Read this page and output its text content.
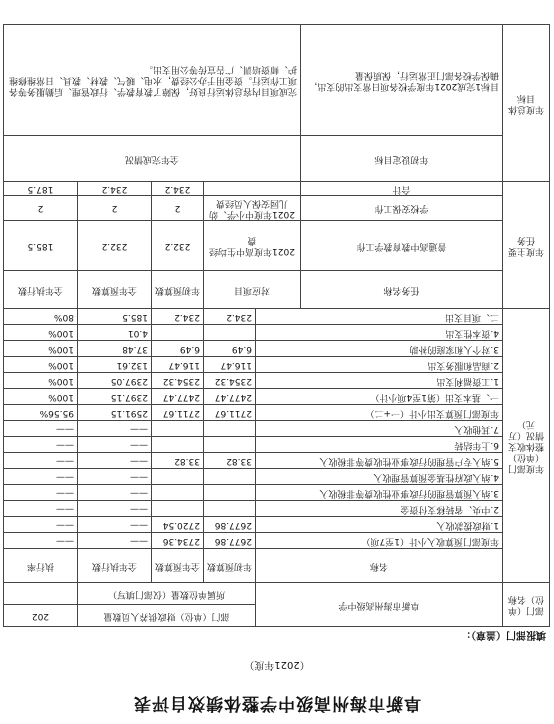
阜新市海州高级中学整体绩效自评表
（2021年度）
填报部门（盖章）：
部门（单位）名称	阜新市海州高级中学		部门（单位）财政供养人员数量			202
			所属单位数量（仅部门填写）			
年度部门（单位）整体收支情况（万元）	名称		年初预算数	全年预算数	全年执行数	执行率
	年度部门预算收入小计（1至7项）		2677.86	2734.36	——	——
	1.财政拨款收入		2677.86	2720.54	——	——
	2.中央、省转移支付资金				——	——
	3.纳入预算管理的行政事业性收费等非税收入				——	——
	4.纳入政府性基金预算管理收入				——	——
	5.纳入专户管理的行政事业性收费等非税收入		33.82	33.82	——	——
	6.上年结转				——	——
	7.其他收入				——	——
	年度部门预算支出小计（一+二）		2711.67	2711.67	2591.15	95.56%
	一、基本支出（第1至4项小计）		2477.47	2477.47	2397.15	100%
	1.工资福利支出		2354.32	2354.32	2397.05	100%
	2.商品和服务支出		116.47	116.47	132.61	100%
	3.对个人和家庭的补助		6.49	6.49	37.48	100%
	4.资本性支出				4.01	100%
	二、项目支出		234.2	234.2	185.5	80%
年度主要任务	任务名称	对应项目		年初预算数	全年预算数	全年执行数
	普通高中教育教学工作	2021年度高中生均经费		232.2	232.2	185.5
	学校安保工作	2021年度中小学、幼儿园安保人员经费		2	2	2
	合计			234.2	234.2	187.5
年度总体目标	年初设定目标	全年完成情况				
	目标1完成2021年度学校各项日常支出的支出，确保学校各部门正常运行，保质保量	完成项目内容总体运行良好，保障了教育教学、行政管理、后勤服务等各项工作运行。资金用于办公经费，水电、暖气、教材、教具、日常维修维护、师资培训、广告宣传等公用支出。				
